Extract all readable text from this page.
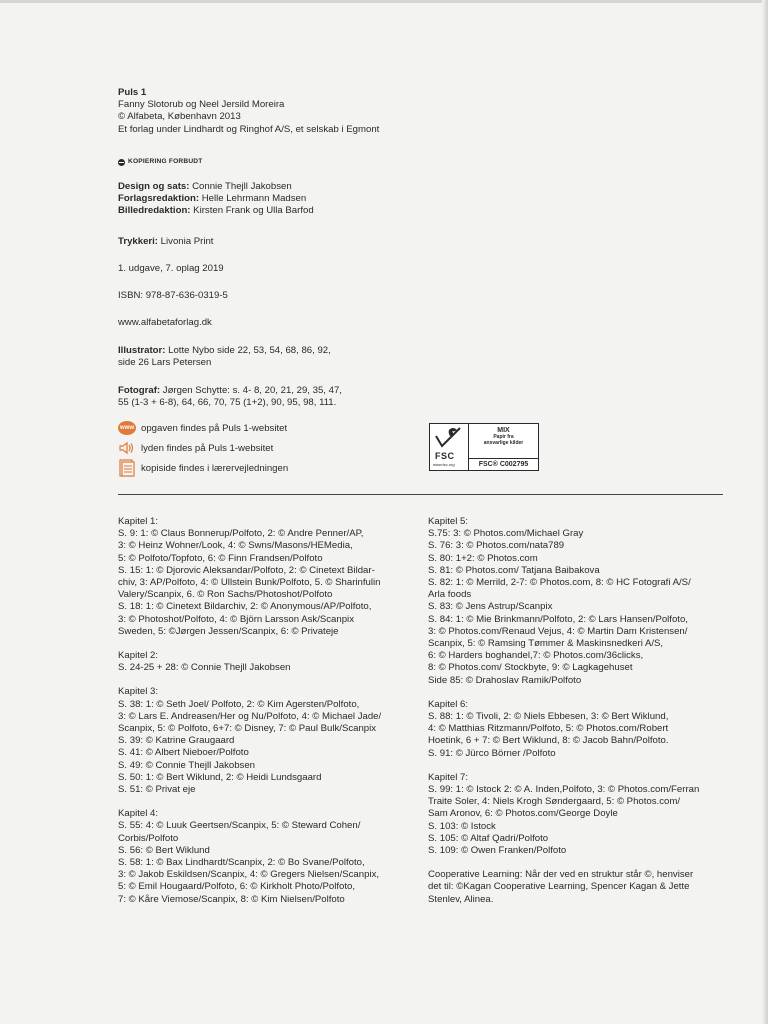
Puls 1
Fanny Slotorub og Neel Jersild Moreira
© Alfabeta, København 2013
Et forlag under Lindhardt og Ringhof A/S, et selskab i Egmont
KOPIERING FORBUDT
Design og sats: Connie Thejll Jakobsen
Forlagsredaktion: Helle Lehrmann Madsen
Billedredaktion: Kirsten Frank og Ulla Barfod
Trykkeri: Livonia Print
1. udgave, 7. oplag 2019
ISBN: 978-87-636-0319-5
www.alfabetaforlag.dk
Illustrator: Lotte Nybo side 22, 53, 54, 68, 86, 92,
side 26 Lars Petersen
Fotograf: Jørgen Schytte: s. 4- 8, 20, 21, 29, 35, 47,
55 (1-3 + 6-8), 64, 66, 70, 75 (1+2), 90, 95, 98, 111.
www opgaven findes på Puls 1-websitet
lyden findes på Puls 1-websitet
kopiside findes i lærervejledningen
FSC
www.fsc.org
MIX
Papir fra
ansvarlige kilder
FSC® C002795
Kapitel 1:
S. 9: 1: © Claus Bonnerup/Polfoto, 2: © Andre Penner/AP,
3: © Heinz Wohner/Look, 4: © Swns/Masons/HEMedia,
5: © Polfoto/Topfoto, 6: © Finn Frandsen/Polfoto
S. 15: 1: © Djorovic Aleksandar/Polfoto, 2: © Cinetext Bildar-
chiv, 3: AP/Polfoto, 4: © Ullstein Bunk/Polfoto, 5. © Sharinfulin
Valery/Scanpix, 6. © Ron Sachs/Photoshot/Polfoto
S. 18: 1: © Cinetext Bildarchiv, 2: © Anonymous/AP/Polfoto,
3: © Photoshot/Polfoto, 4: © Björn Larsson Ask/Scanpix
Sweden, 5: ©Jørgen Jessen/Scanpix, 6: © Privateje
Kapitel 2:
S. 24-25 + 28: © Connie Thejll Jakobsen
Kapitel 3:
S. 38: 1: © Seth Joel/ Polfoto, 2: © Kim Agersten/Polfoto,
3: © Lars E. Andreasen/Her og Nu/Polfoto, 4: © Michael Jade/
Scanpix, 5: © Polfoto, 6+7: © Disney, 7: © Paul Bulk/Scanpix
S. 39: © Katrine Graugaard
S. 41: © Albert Nieboer/Polfoto
S. 49: © Connie Thejll Jakobsen
S. 50: 1: © Bert Wiklund, 2: © Heidi Lundsgaard
S. 51: © Privat eje
Kapitel 4:
S. 55: 4: © Luuk Geertsen/Scanpix, 5: © Steward Cohen/
Corbis/Polfoto
S. 56: © Bert Wiklund
S. 58: 1: © Bax Lindhardt/Scanpix, 2: © Bo Svane/Polfoto,
3: © Jakob Eskildsen/Scanpix, 4: © Gregers Nielsen/Scanpix,
5: © Emil Hougaard/Polfoto, 6: © Kirkholt Photo/Polfoto,
7: © Kåre Viemose/Scanpix, 8: © Kim Nielsen/Polfoto
Kapitel 5:
S.75: 3: © Photos.com/Michael Gray
S. 76: 3: © Photos.com/nata789
S. 80: 1+2: © Photos.com
S. 81: © Photos.com/ Tatjana Baibakova
S. 82: 1: © Merrild, 2-7: © Photos.com, 8: © HC Fotografi A/S/
Arla foods
S. 83: © Jens Astrup/Scanpix
S. 84: 1: © Mie Brinkmann/Polfoto, 2: © Lars Hansen/Polfoto,
3: © Photos.com/Renaud Vejus, 4: © Martin Dam Kristensen/
Scanpix, 5: © Ramsing Tømmer & Maskinsnedkeri A/S,
6: © Harders boghandel,7: © Photos.com/36clicks,
8: © Photos.com/ Stockbyte, 9: © Lagkagehuset
Side 85: © Drahoslav Ramik/Polfoto
Kapitel 6:
S. 88: 1: © Tivoli, 2: © Niels Ebbesen, 3: © Bert Wiklund,
4: © Matthias Ritzmann/Polfoto, 5: © Photos.com/Robert
Hoetink, 6 + 7: © Bert Wiklund, 8: © Jacob Bahn/Polfoto.
S. 91: © Jürco Börner /Polfoto
Kapitel 7:
S. 99: 1: © Istock 2: © A. Inden,Polfoto, 3: © Photos.com/Ferran
Traite Soler, 4: Niels Krogh Søndergaard, 5: © Photos.com/
Sam Aronov, 6: © Photos.com/George Doyle
S. 103: © Istock
S. 105: © Altaf Qadri/Polfoto
S. 109: © Owen Franken/Polfoto
Cooperative Learning: Når der ved en struktur står ©, henviser
det til: ©Kagan Cooperative Learning, Spencer Kagan & Jette
Stenlev, Alinea.
